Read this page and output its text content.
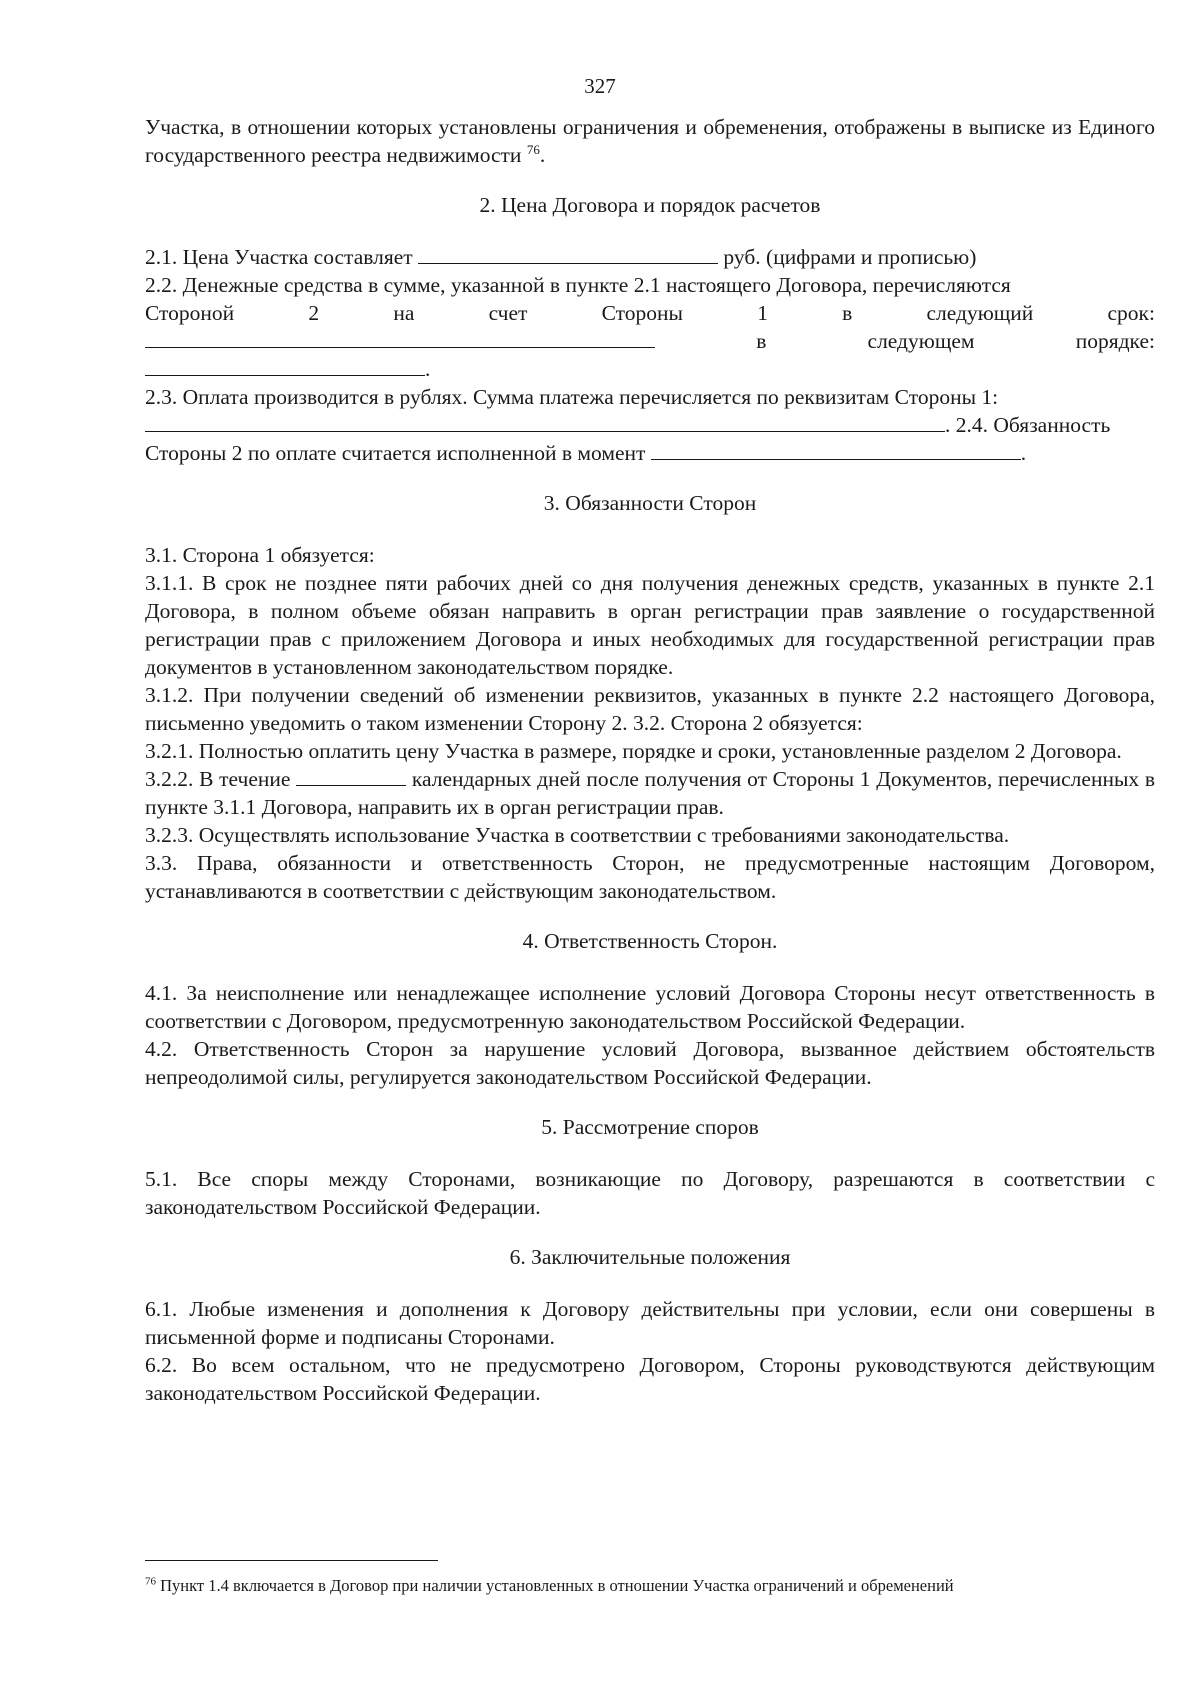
327

Участка, в отношении которых установлены ограничения и обременения, отображены в выписке из Единого государственного реестра недвижимости $^{76}$.

2. Цена Договора и порядок расчетов

2.1. Цена Участка составляет	руб. (цифрами и прописью)

2.2. Денежные средства в сумме, указанной в пункте 2.1 настоящего Договора, перечисляются

Стороной	2	на	счет	Стороны	1	в	следующий	срок:
в	следующем	порядке:

.

2.3. Оплата производится в рублях. Сумма платежа перечисляется по реквизитам Стороны 1:

. 2.4. Обязанность

Стороны 2 по оплате считается исполненной в момент	.

3. Обязанности Сторон

3.1. Сторона 1 обязуется:

3.1.1. В срок не позднее пяти рабочих дней со дня получения денежных средств, указанных в пункте 2.1 Договора, в полном объеме обязан направить в орган регистрации прав заявление о государственной регистрации прав с приложением Договора и иных необходимых для государственной регистрации прав документов в установленном законодательством порядке.

3.1.2. При получении сведений об изменении реквизитов, указанных в пункте 2.2 настоящего Договора, письменно уведомить о таком изменении Сторону 2. 3.2. Сторона 2 обязуется:

3.2.1. Полностью оплатить цену Участка в размере, порядке и сроки, установленные разделом 2 Договора.

3.2.2. В течение	календарных дней после получения от Стороны 1 Документов, перечисленных в пункте 3.1.1 Договора, направить их в орган регистрации прав.

3.2.3. Осуществлять использование Участка в соответствии с требованиями законодательства.

3.3. Права, обязанности и ответственность Сторон, не предусмотренные настоящим Договором, устанавливаются в соответствии с действующим законодательством.

4. Ответственность Сторон.

4.1. За неисполнение или ненадлежащее исполнение условий Договора Стороны несут ответственность в соответствии с Договором, предусмотренную законодательством Российской Федерации.

4.2. Ответственность Сторон за нарушение условий Договора, вызванное действием обстоятельств непреодолимой силы, регулируется законодательством Российской Федерации.

5. Рассмотрение споров

5.1. Все споры между Сторонами, возникающие по Договору, разрешаются в соответствии с законодательством Российской Федерации.

6. Заключительные положения

6.1. Любые изменения и дополнения к Договору действительны при условии, если они совершены в письменной форме и подписаны Сторонами.

6.2. Во всем остальном, что не предусмотрено Договором, Стороны руководствуются действующим законодательством Российской Федерации.

$^{76}$ Пункт 1.4 включается в Договор при наличии установленных в отношении Участка ограничений и обременений
